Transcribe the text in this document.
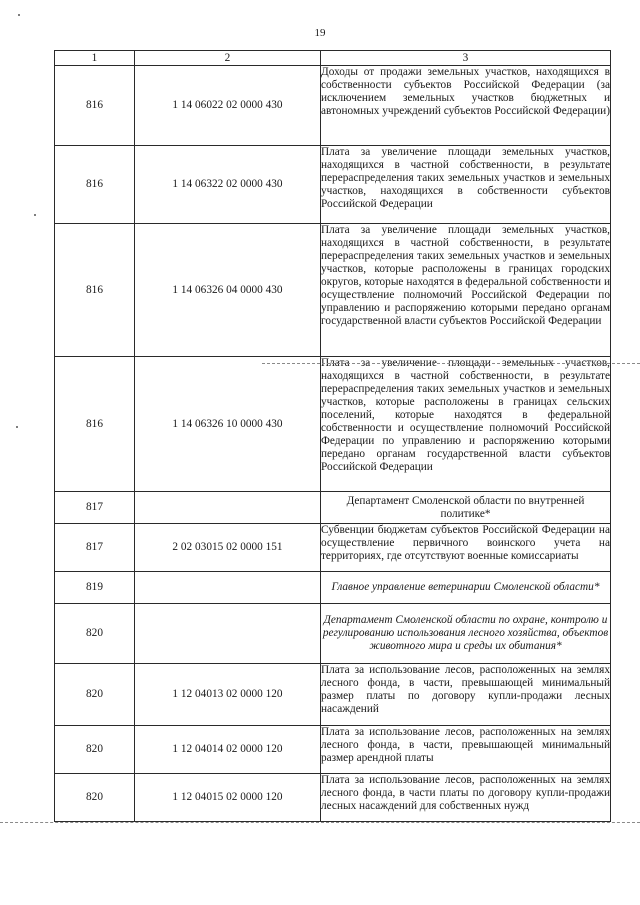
19
1	2	3
816	1 14 06022 02 0000 430	Доходы от продажи земельных участков, находящихся в собственности субъектов Российской Федерации (за исключением земельных участков бюджетных и автономных учреждений субъектов Российской Федерации)
816	1 14 06322 02 0000 430	Плата за увеличение площади земельных участков, находящихся в частной собственности, в результате перераспределения таких земельных участков и земельных участков, находящихся в собственности субъектов Российской Федерации
816	1 14 06326 04 0000 430	Плата за увеличение площади земельных участков, находящихся в частной собственности, в результате перераспределения таких земельных участков и земельных участков, которые расположены в границах городских округов, которые находятся в федеральной собственности и осуществление полномочий Российской Федерации по управлению и распоряжению которыми передано органам государственной власти субъектов Российской Федерации
816	1 14 06326 10 0000 430	Плата за увеличение площади земельных участков, находящихся в частной собственности, в результате перераспределения таких земельных участков и земельных участков, которые расположены в границах сельских поселений, которые находятся в федеральной собственности и осуществление полномочий Российской Федерации по управлению и распоряжению которыми передано органам государственной власти субъектов Российской Федерации
817		Департамент Смоленской области по внутренней политике*
817	2 02 03015 02 0000 151	Субвенции бюджетам субъектов Российской Федерации на осуществление первичного воинского учета на территориях, где отсутствуют военные комиссариаты
819		Главное управление ветеринарии Смоленской области*
820		Департамент Смоленской области по охране, контролю и регулированию использования лесного хозяйства, объектов животного мира и среды их обитания*
820	1 12 04013 02 0000 120	Плата за использование лесов, расположенных на землях лесного фонда, в части, превышающей минимальный размер платы по договору купли-продажи лесных насаждений
820	1 12 04014 02 0000 120	Плата за использование лесов, расположенных на землях лесного фонда, в части, превышающей минимальный размер арендной платы
820	1 12 04015 02 0000 120	Плата за использование лесов, расположенных на землях лесного фонда, в части платы по договору купли-продажи лесных насаждений для собственных нужд
